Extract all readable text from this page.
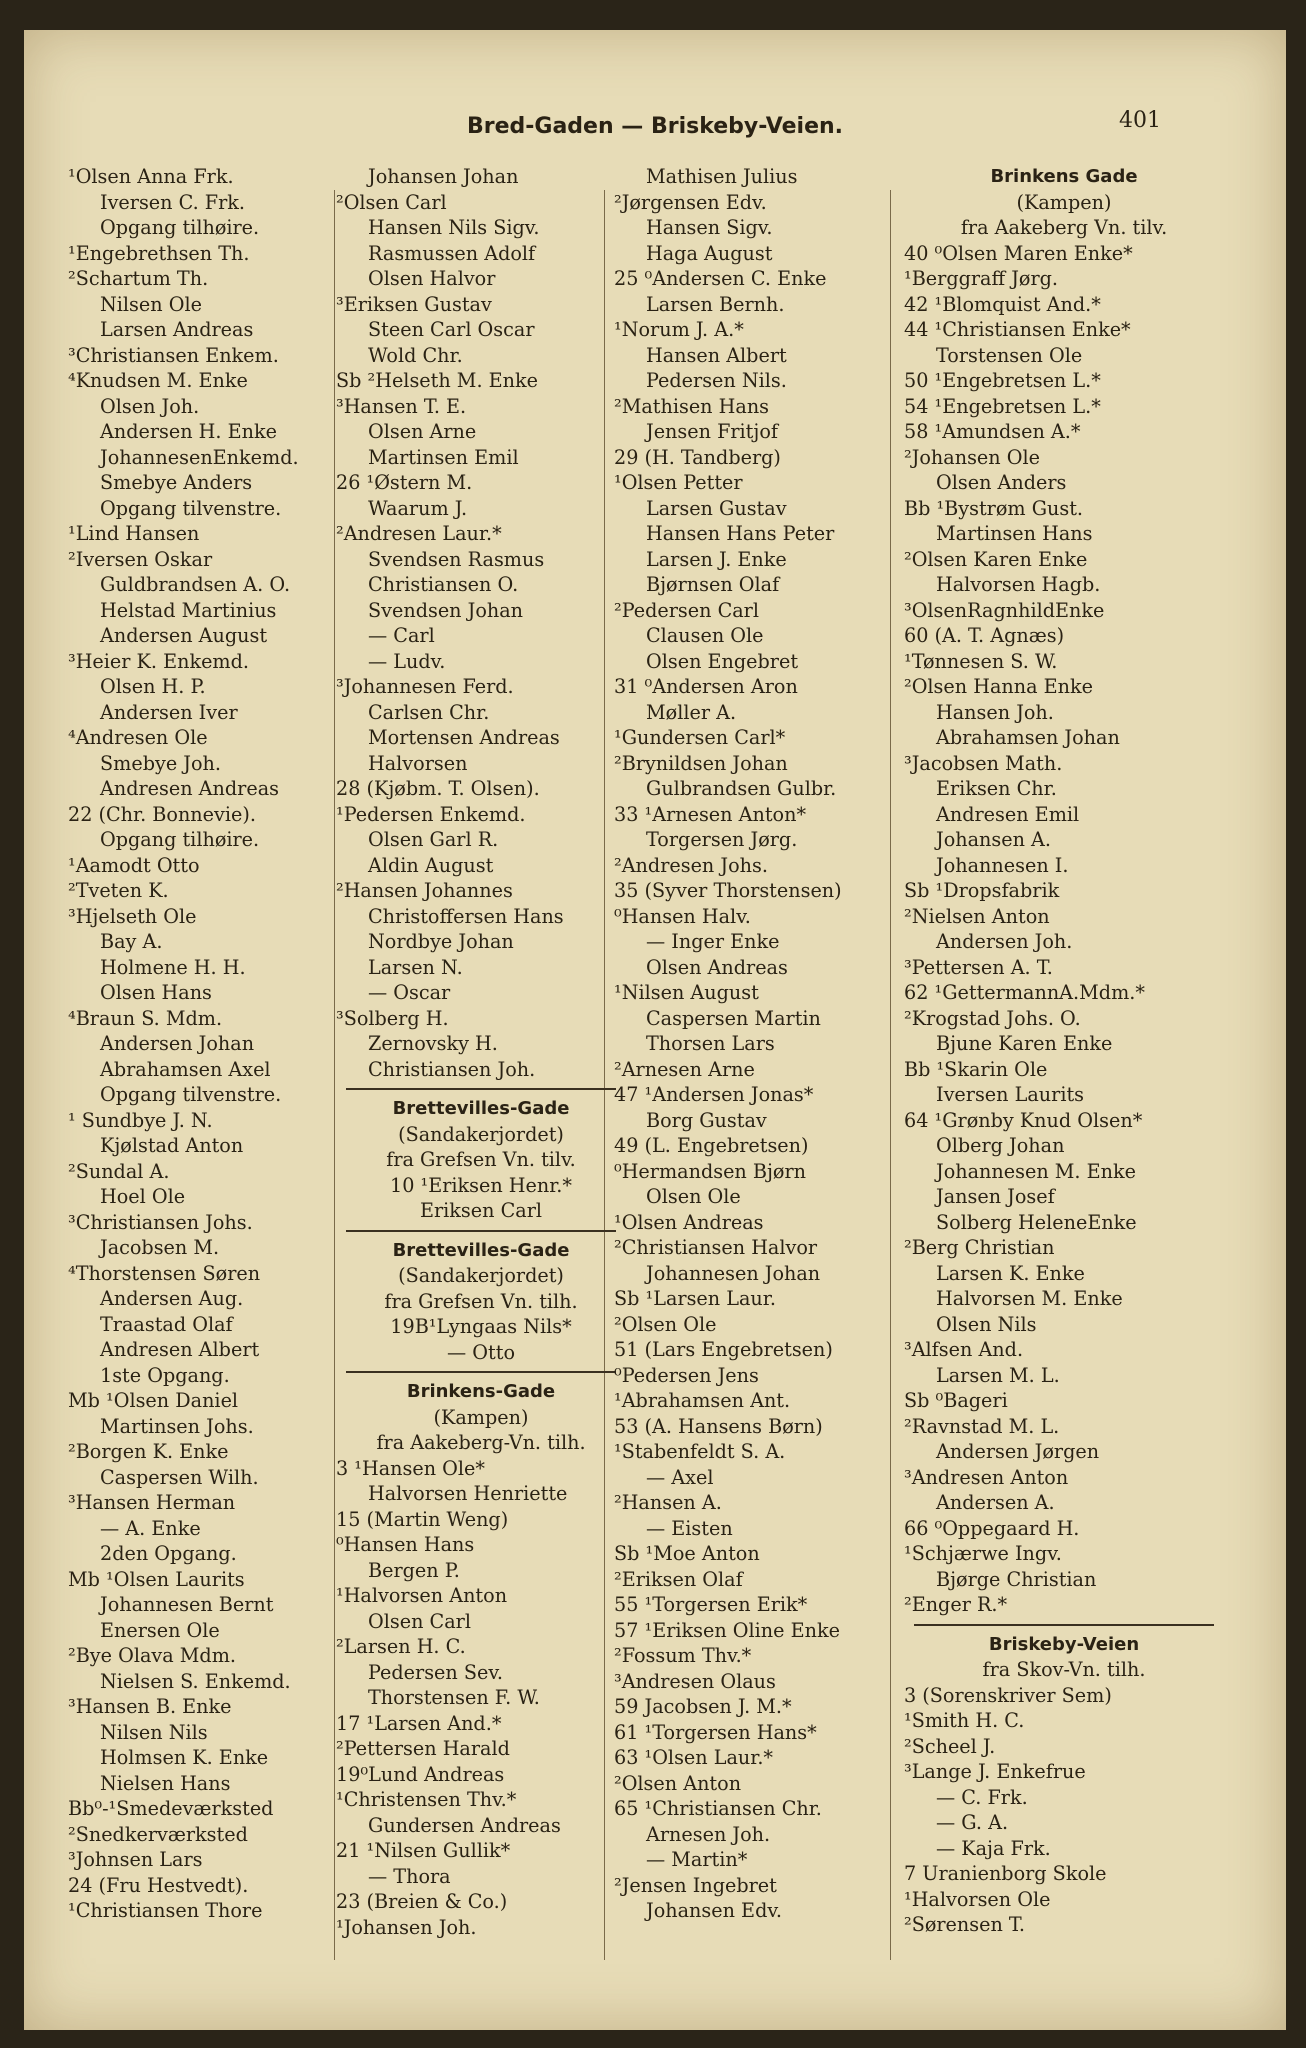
Bred-Gaden — Briskeby-Veien.	401
¹Olsen Anna Frk.
Iversen C. Frk.
Opgang tilhøire.
¹Engebrethsen Th.
²Schartum Th.
Nilsen Ole
Larsen Andreas
³Christiansen Enkem.
⁴Knudsen M. Enke
Olsen Joh.
Andersen H. Enke
JohannesenEnkemd.
Smebye Anders
Opgang tilvenstre.
¹Lind Hansen
²Iversen Oskar
Guldbrandsen A. O.
Helstad Martinius
Andersen August
³Heier K. Enkemd.
Olsen H. P.
Andersen Iver
⁴Andresen Ole
Smebye Joh.
Andresen Andreas
22 (Chr. Bonnevie).
Opgang tilhøire.
¹Aamodt Otto
²Tveten K.
³Hjelseth Ole
Bay A.
Holmene H. H.
Olsen Hans
⁴Braun S. Mdm.
Andersen Johan
Abrahamsen Axel
Opgang tilvenstre.
¹ Sundbye J. N.
Kjølstad Anton
²Sundal A.
Hoel Ole
³Christiansen Johs.
Jacobsen M.
⁴Thorstensen Søren
Andersen Aug.
Traastad Olaf
Andresen Albert
1ste Opgang.
Mb ¹Olsen Daniel
Martinsen Johs.
²Borgen K. Enke
Caspersen Wilh.
³Hansen Herman
— A. Enke
2den Opgang.
Mb ¹Olsen Laurits
Johannesen Bernt
Enersen Ole
²Bye Olava Mdm.
Nielsen S. Enkemd.
³Hansen B. Enke
Nilsen Nils
Holmsen K. Enke
Nielsen Hans
Bb⁰-¹Smedeværksted
²Snedkerværksted
³Johnsen Lars
24 (Fru Hestvedt).
¹Christiansen Thore
Johansen Johan
²Olsen Carl
Hansen Nils Sigv.
Rasmussen Adolf
Olsen Halvor
³Eriksen Gustav
Steen Carl Oscar
Wold Chr.
Sb ²Helseth M. Enke
³Hansen T. E.
Olsen Arne
Martinsen Emil
26 ¹Østern M.
Waarum J.
²Andresen Laur.*
Svendsen Rasmus
Christiansen O.
Svendsen Johan
— Carl
— Ludv.
³Johannesen Ferd.
Carlsen Chr.
Mortensen Andreas
Halvorsen
28 (Kjøbm. T. Olsen).
¹Pedersen Enkemd.
Olsen Garl R.
Aldin August
²Hansen Johannes
Christoffersen Hans
Nordbye Johan
Larsen N.
— Oscar
³Solberg H.
Zernovsky H.
Christiansen Joh.
Brettevilles-Gade
(Sandakerjordet)
fra Grefsen Vn. tilv.
10 ¹Eriksen Henr.*
Eriksen Carl
Brettevilles-Gade
(Sandakerjordet)
fra Grefsen Vn. tilh.
19B¹Lyngaas Nils*
— Otto
Brinkens-Gade
(Kampen)
fra Aakeberg-Vn. tilh.
3 ¹Hansen Ole*
Halvorsen Henriette
15 (Martin Weng)
⁰Hansen Hans
Bergen P.
¹Halvorsen Anton
Olsen Carl
²Larsen H. C.
Pedersen Sev.
Thorstensen F. W.
17 ¹Larsen And.*
²Pettersen Harald
19⁰Lund Andreas
¹Christensen Thv.*
Gundersen Andreas
21 ¹Nilsen Gullik*
— Thora
23 (Breien & Co.)
¹Johansen Joh.
Mathisen Julius
²Jørgensen Edv.
Hansen Sigv.
Haga August
25 ⁰Andersen C. Enke
Larsen Bernh.
¹Norum J. A.*
Hansen Albert
Pedersen Nils.
²Mathisen Hans
Jensen Fritjof
29 (H. Tandberg)
¹Olsen Petter
Larsen Gustav
Hansen Hans Peter
Larsen J. Enke
Bjørnsen Olaf
²Pedersen Carl
Clausen Ole
Olsen Engebret
31 ⁰Andersen Aron
Møller A.
¹Gundersen Carl*
²Brynildsen Johan
Gulbrandsen Gulbr.
33 ¹Arnesen Anton*
Torgersen Jørg.
²Andresen Johs.
35 (Syver Thorstensen)
⁰Hansen Halv.
— Inger Enke
Olsen Andreas
¹Nilsen August
Caspersen Martin
Thorsen Lars
²Arnesen Arne
47 ¹Andersen Jonas*
Borg Gustav
49 (L. Engebretsen)
⁰Hermandsen Bjørn
Olsen Ole
¹Olsen Andreas
²Christiansen Halvor
Johannesen Johan
Sb ¹Larsen Laur.
²Olsen Ole
51 (Lars Engebretsen)
⁰Pedersen Jens
¹Abrahamsen Ant.
53 (A. Hansens Børn)
¹Stabenfeldt S. A.
— Axel
²Hansen A.
— Eisten
Sb ¹Moe Anton
²Eriksen Olaf
55 ¹Torgersen Erik*
57 ¹Eriksen Oline Enke
²Fossum Thv.*
³Andresen Olaus
59 Jacobsen J. M.*
61 ¹Torgersen Hans*
63 ¹Olsen Laur.*
²Olsen Anton
65 ¹Christiansen Chr.
Arnesen Joh.
— Martin*
²Jensen Ingebret
Johansen Edv.
Brinkens Gade
(Kampen)
fra Aakeberg Vn. tilv.
40 ⁰Olsen Maren Enke*
¹Berggraff Jørg.
42 ¹Blomquist And.*
44 ¹Christiansen Enke*
Torstensen Ole
50 ¹Engebretsen L.*
54 ¹Engebretsen L.*
58 ¹Amundsen A.*
²Johansen Ole
Olsen Anders
Bb ¹Bystrøm Gust.
Martinsen Hans
²Olsen Karen Enke
Halvorsen Hagb.
³OlsenRagnhildEnke
60 (A. T. Agnæs)
¹Tønnesen S. W.
²Olsen Hanna Enke
Hansen Joh.
Abrahamsen Johan
³Jacobsen Math.
Eriksen Chr.
Andresen Emil
Johansen A.
Johannesen I.
Sb ¹Dropsfabrik
²Nielsen Anton
Andersen Joh.
³Pettersen A. T.
62 ¹GettermannA.Mdm.*
²Krogstad Johs. O.
Bjune Karen Enke
Bb ¹Skarin Ole
Iversen Laurits
64 ¹Grønby Knud Olsen*
Olberg Johan
Johannesen M. Enke
Jansen Josef
Solberg HeleneEnke
²Berg Christian
Larsen K. Enke
Halvorsen M. Enke
Olsen Nils
³Alfsen And.
Larsen M. L.
Sb ⁰Bageri
²Ravnstad M. L.
Andersen Jørgen
³Andresen Anton
Andersen A.
66 ⁰Oppegaard H.
¹Schjærwe Ingv.
Bjørge Christian
²Enger R.*
Briskeby-Veien
fra Skov-Vn. tilh.
3 (Sorenskriver Sem)
¹Smith H. C.
²Scheel J.
³Lange J. Enkefrue
— C. Frk.
— G. A.
— Kaja Frk.
7 Uranienborg Skole
¹Halvorsen Ole
²Sørensen T.
